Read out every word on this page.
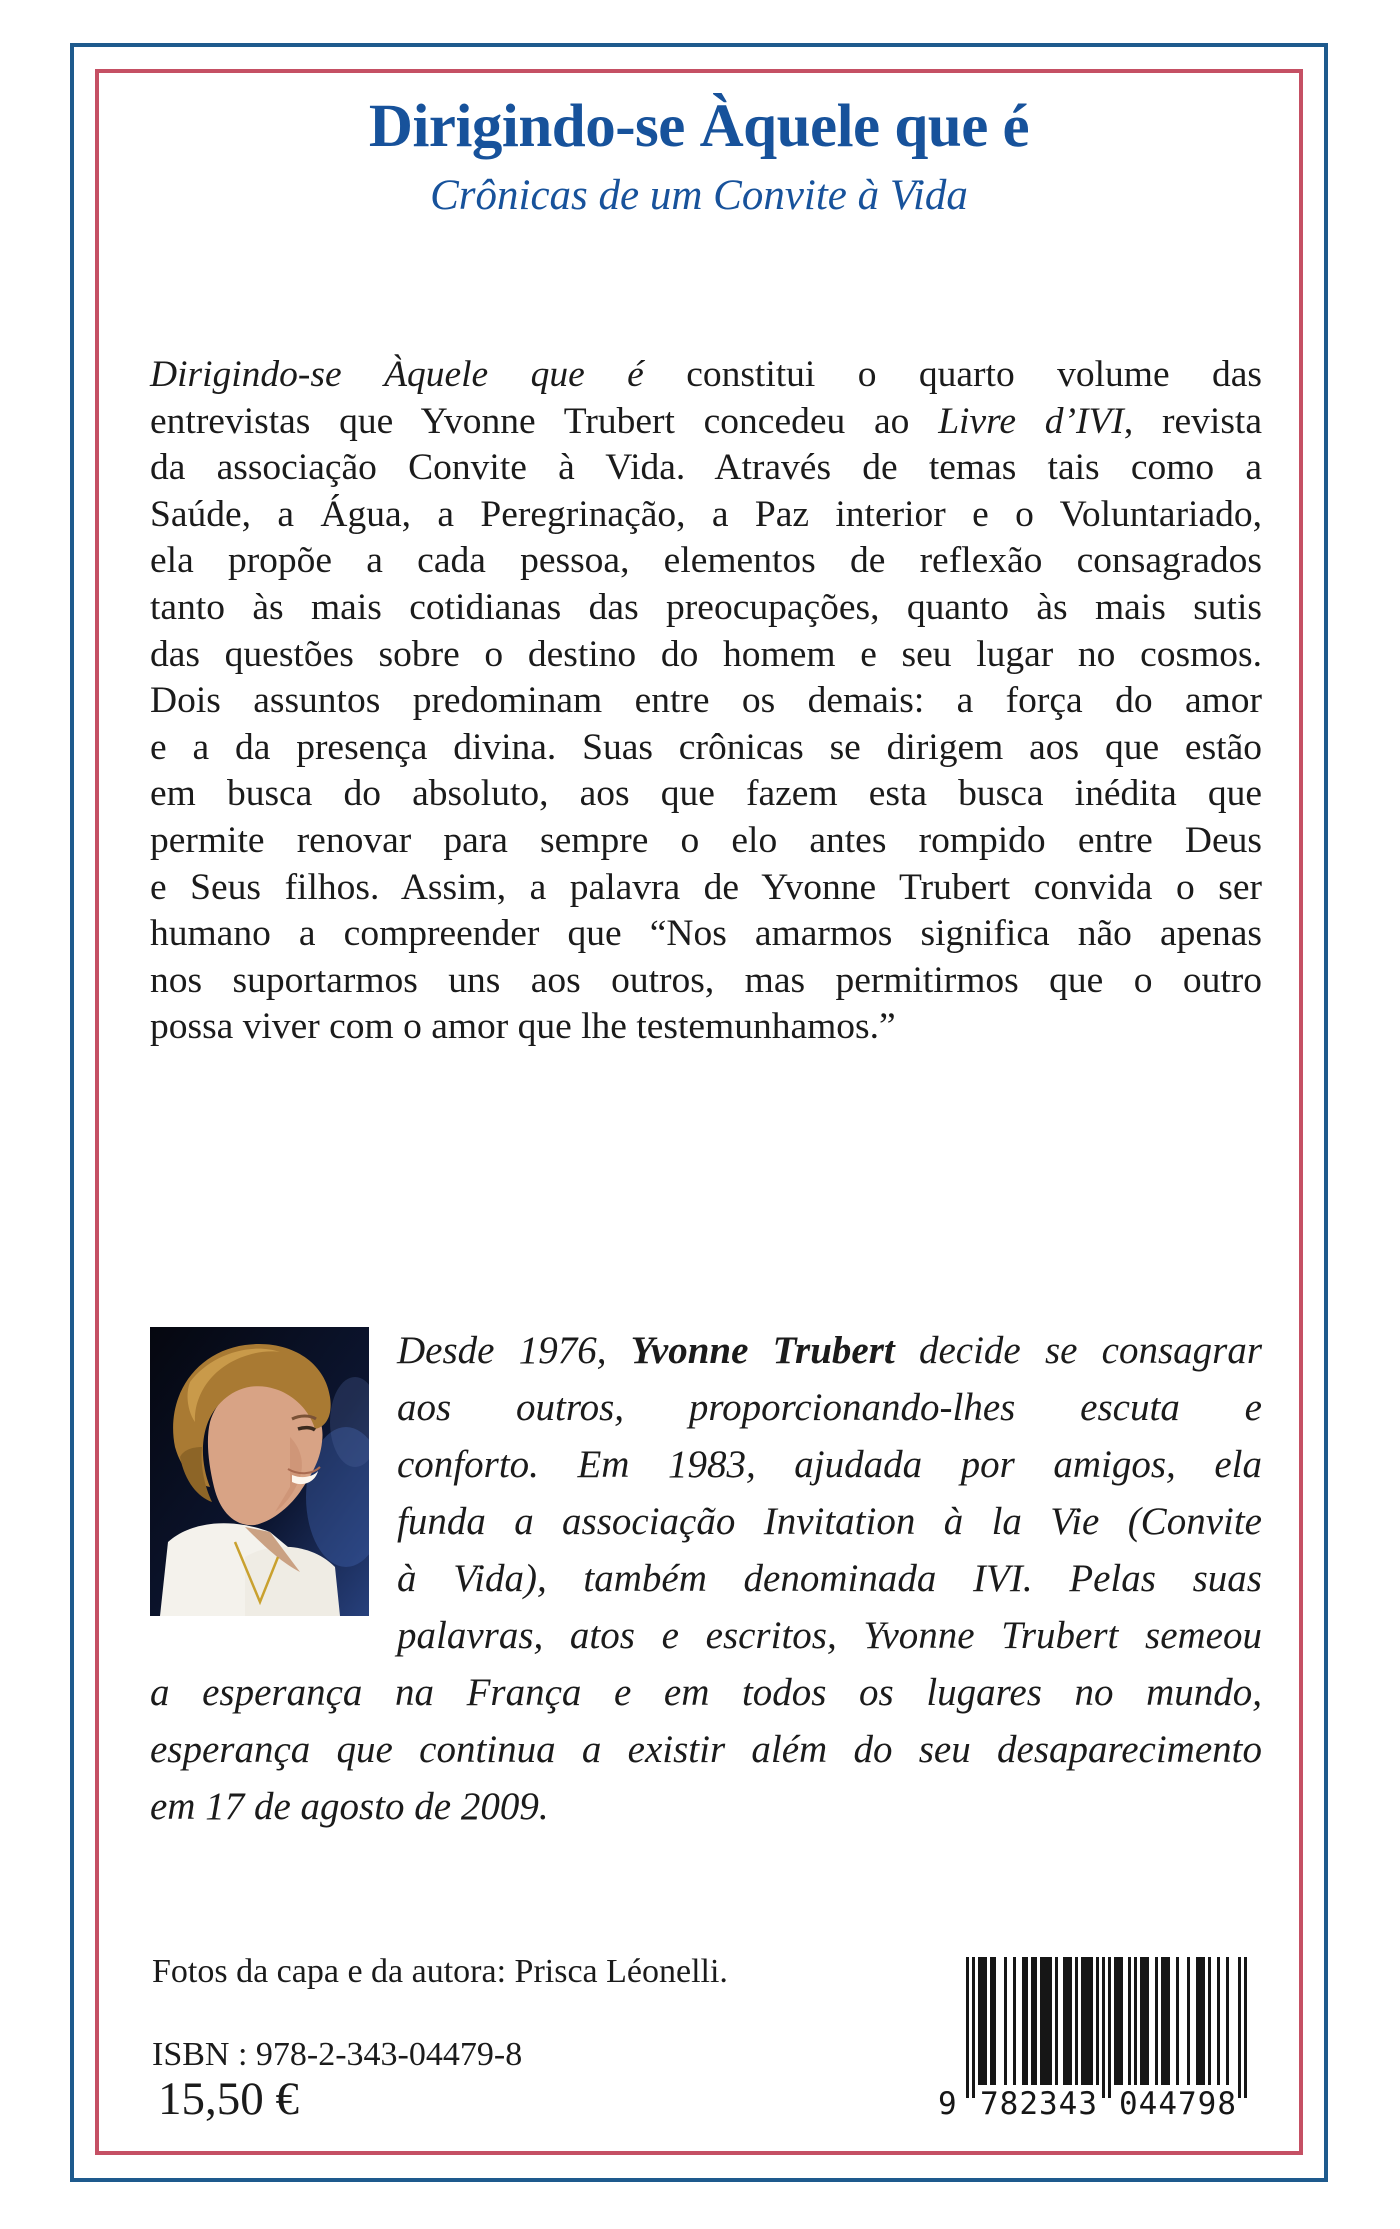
Dirigindo-se Àquele que é
Crônicas de um Convite à Vida
Dirigindo-se Àquele que é constitui o quarto volume das
entrevistas que Yvonne Trubert concedeu ao Livre d’IVI, revista
da associação Convite à Vida. Através de temas tais como a
Saúde, a Água, a Peregrinação, a Paz interior e o Voluntariado,
ela propõe a cada pessoa, elementos de reflexão consagrados
tanto às mais cotidianas das preocupações, quanto às mais sutis
das questões sobre o destino do homem e seu lugar no cosmos.
Dois assuntos predominam entre os demais: a força do amor
e a da presença divina. Suas crônicas se dirigem aos que estão
em busca do absoluto, aos que fazem esta busca inédita que
permite renovar para sempre o elo antes rompido entre Deus
e Seus filhos. Assim, a palavra de Yvonne Trubert convida o ser
humano a compreender que “Nos amarmos significa não apenas
nos suportarmos uns aos outros, mas permitirmos que o outro
possa viver com o amor que lhe testemunhamos.”
Desde 1976, Yvonne Trubert decide se consagrar
aos outros, proporcionando-lhes escuta e
conforto. Em 1983, ajudada por amigos, ela
funda a associação Invitation à la Vie (Convite
à Vida), também denominada IVI. Pelas suas
palavras, atos e escritos, Yvonne Trubert semeou
a esperança na França e em todos os lugares no mundo,
esperança que continua a existir além do seu desaparecimento
em 17 de agosto de 2009.
Fotos da capa e da autora: Prisca Léonelli.
ISBN : 978-2-343-04479-8
15,50 €	9 782343 044798
